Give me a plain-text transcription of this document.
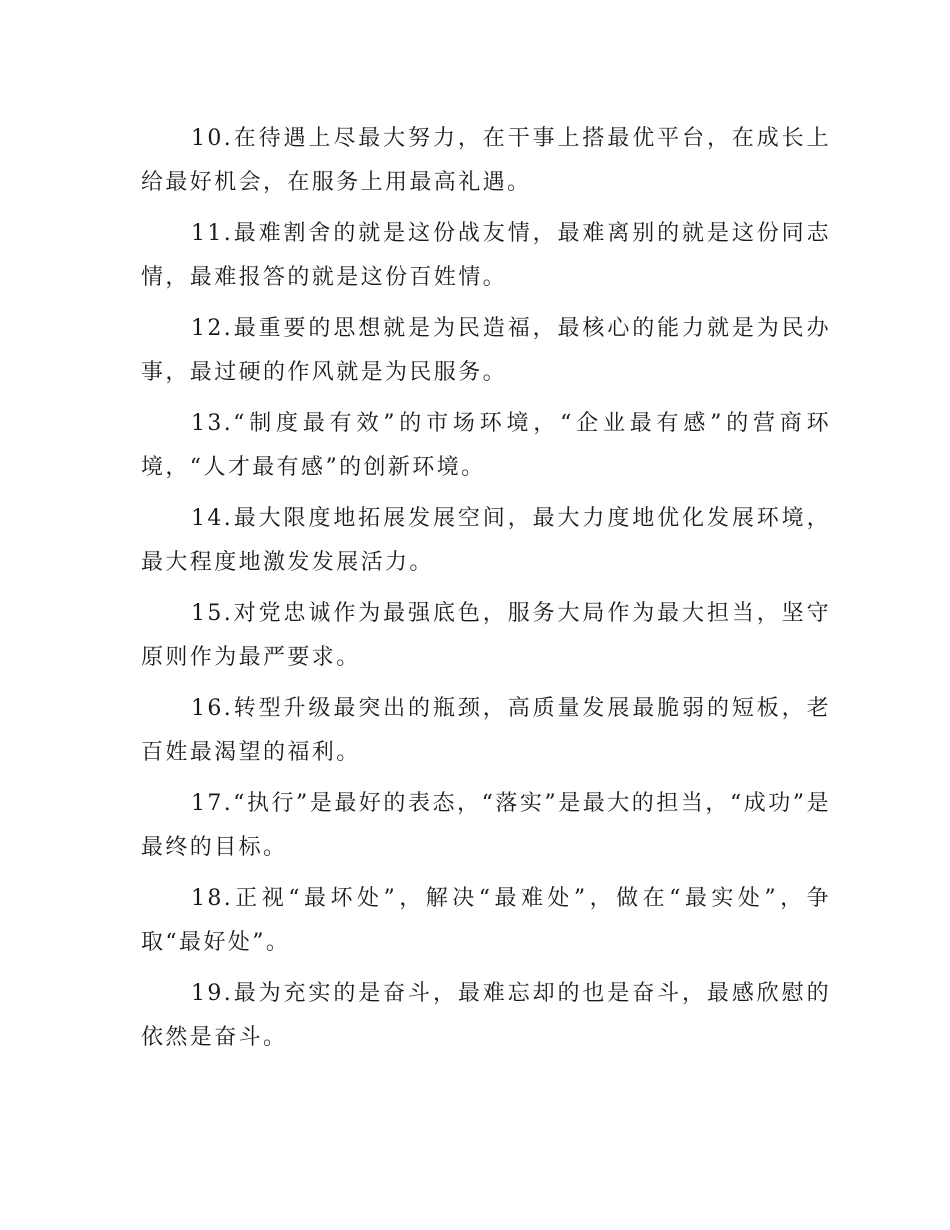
10.在待遇上尽最大努力，在干事上搭最优平台，在成长上给最好机会，在服务上用最高礼遇。

11.最难割舍的就是这份战友情，最难离别的就是这份同志情，最难报答的就是这份百姓情。

12.最重要的思想就是为民造福，最核心的能力就是为民办事，最过硬的作风就是为民服务。

13.“制度最有效”的市场环境，“企业最有感”的营商环境，“人才最有感”的创新环境。

14.最大限度地拓展发展空间，最大力度地优化发展环境，最大程度地激发发展活力。

15.对党忠诚作为最强底色，服务大局作为最大担当，坚守原则作为最严要求。

16.转型升级最突出的瓶颈，高质量发展最脆弱的短板，老百姓最渴望的福利。

17.“执行”是最好的表态，“落实”是最大的担当，“成功”是最终的目标。

18.正视“最坏处”，解决“最难处”，做在“最实处”，争取“最好处”。

19.最为充实的是奋斗，最难忘却的也是奋斗，最感欣慰的依然是奋斗。
